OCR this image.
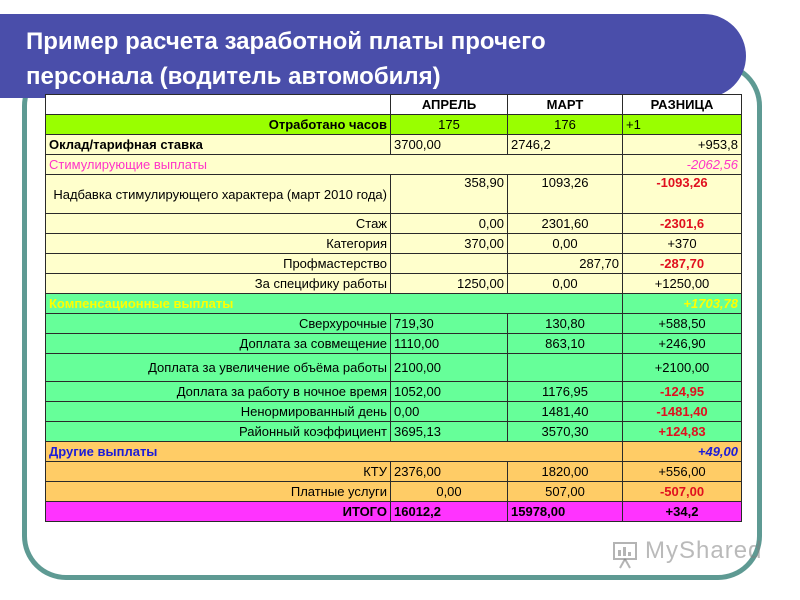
Пример расчета заработной платы прочего
персонала (водитель автомобиля)
	АПРЕЛЬ	МАРТ	РАЗНИЦА
Отработано часов	175	176	+1
Оклад/тарифная ставка	3700,00	2746,2	+953,8
Стимулирующие выплаты			-2062,56
Надбавка стимулирующего характера (март 2010 года)	358,90	1093,26	-1093,26
Стаж	0,00	2301,60	-2301,6
Категория	370,00	0,00	+370
Профмастерство		287,70	-287,70
За специфику работы	1250,00	0,00	+1250,00
Компенсационные выплаты			+1703,78
Сверхурочные	719,30	130,80	+588,50
Доплата за совмещение	1110,00	863,10	+246,90
Доплата за увеличение объёма работы	2100,00		+2100,00
Доплата за работу в ночное время	1052,00	1176,95	-124,95
Ненормированный день	0,00	1481,40	-1481,40
Районный коэффициент	3695,13	3570,30	+124,83
Другие выплаты			+49,00
КТУ	2376,00	1820,00	+556,00
Платные услуги	0,00	507,00	-507,00
ИТОГО	16012,2	15978,00	+34,2
MyShared
